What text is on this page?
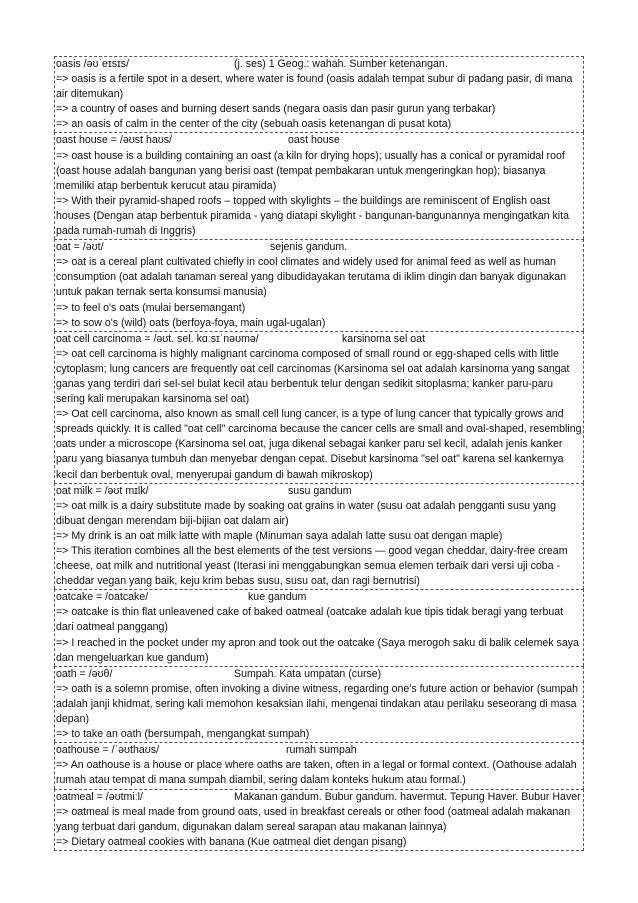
oasis /əʊˈeɪsɪs/	(j. ses) 1 Geog.: wahah. Sumber ketenangan.
=> oasis is a fertile spot in a desert, where water is found (oasis adalah tempat subur di padang pasir, di mana air ditemukan)
=> a country of oases and burning desert sands (negara oasis dan pasir gurun yang terbakar)
=> an oasis of calm in the center of the city (sebuah oasis ketenangan di pusat kota)
oast house = /əʊst haʊs/	oast house
=> oast house is a building containing an oast (a kiln for drying hops); usually has a conical or pyramidal roof (oast house adalah bangunan yang berisi oast (tempat pembakaran untuk mengeringkan hop); biasanya memiliki atap berbentuk kerucut atau piramida)
=> With their pyramid-shaped roofs – topped with skylights – the buildings are reminiscent of English oast houses (Dengan atap berbentuk piramida - yang diatapi skylight - bangunan-bangunannya mengingatkan kita pada rumah-rumah di Inggris)
oat = /əʊt/	sejenis gandum.
=> oat is a cereal plant cultivated chiefly in cool climates and widely used for animal feed as well as human consumption (oat adalah tanaman sereal yang dibudidayakan terutama di iklim dingin dan banyak digunakan untuk pakan ternak serta konsumsi manusia)
=> to feel o's oats (mulai bersemangant)
=> to sow o's (wild) oats (berfoya-foya, main ugal-ugalan)
oat cell carcinoma = /əʊt. sel. kɑːsɪˈnəʊmə/	karsinoma sel oat
=> oat cell carcinoma is highly malignant carcinoma composed of small round or egg-shaped cells with little cytoplasm; lung cancers are frequently oat cell carcinomas (Karsinoma sel oat adalah karsinoma yang sangat ganas yang terdiri dari sel-sel bulat kecil atau berbentuk telur dengan sedikit sitoplasma; kanker paru-paru sering kali merupakan karsinoma sel oat)
=> Oat cell carcinoma, also known as small cell lung cancer, is a type of lung cancer that typically grows and spreads quickly. It is called "oat cell" carcinoma because the cancer cells are small and oval-shaped, resembling oats under a microscope (Karsinoma sel oat, juga dikenal sebagai kanker paru sel kecil, adalah jenis kanker paru yang biasanya tumbuh dan menyebar dengan cepat. Disebut karsinoma "sel oat" karena sel kankernya kecil dan berbentuk oval, menyerupai gandum di bawah mikroskop)
oat milk = /əʊt mɪlk/	susu gandum
=> oat milk is a dairy substitute made by soaking oat grains in water (susu oat adalah pengganti susu yang dibuat dengan merendam biji-bijian oat dalam air)
=> My drink is an oat milk latte with maple (Minuman saya adalah latte susu oat dengan maple)
=> This iteration combines all the best elements of the test versions — good vegan cheddar, dairy-free cream cheese, oat milk and nutritional yeast (Iterasi ini menggabungkan semua elemen terbaik dari versi uji coba - cheddar vegan yang baik, keju krim bebas susu, susu oat, dan ragi bernutrisi)
oatcake = /oatcake/	kue gandum
=> oatcake is thin flat unleavened cake of baked oatmeal (oatcake adalah kue tipis tidak beragi yang terbuat dari oatmeal panggang)
=> I reached in the pocket under my apron and took out the oatcake (Saya merogoh saku di balik celemek saya dan mengeluarkan kue gandum)
oath = /əʊθ/	Sumpah. Kata umpatan (curse)
=> oath is a solemn promise, often invoking a divine witness, regarding one's future action or behavior (sumpah adalah janji khidmat, sering kali memohon kesaksian ilahi, mengenai tindakan atau perilaku seseorang di masa depan)
=> to take an oath (bersumpah, mengangkat sumpah)
oathouse = /ˈəʊthaʊs/	rumah sumpah
=> An oathouse is a house or place where oaths are taken, often in a legal or formal context. (Oathouse adalah rumah atau tempat di mana sumpah diambil, sering dalam konteks hukum atau formal.)
oatmeal = /əʊtmiːl/	Makanan gandum. Bubur gandum. havermut. Tepung Haver. Bubur Haver
=> oatmeal is meal made from ground oats, used in breakfast cereals or other food (oatmeal adalah makanan yang terbuat dari gandum, digunakan dalam sereal sarapan atau makanan lainnya)
=> Dietary oatmeal cookies with banana (Kue oatmeal diet dengan pisang)
